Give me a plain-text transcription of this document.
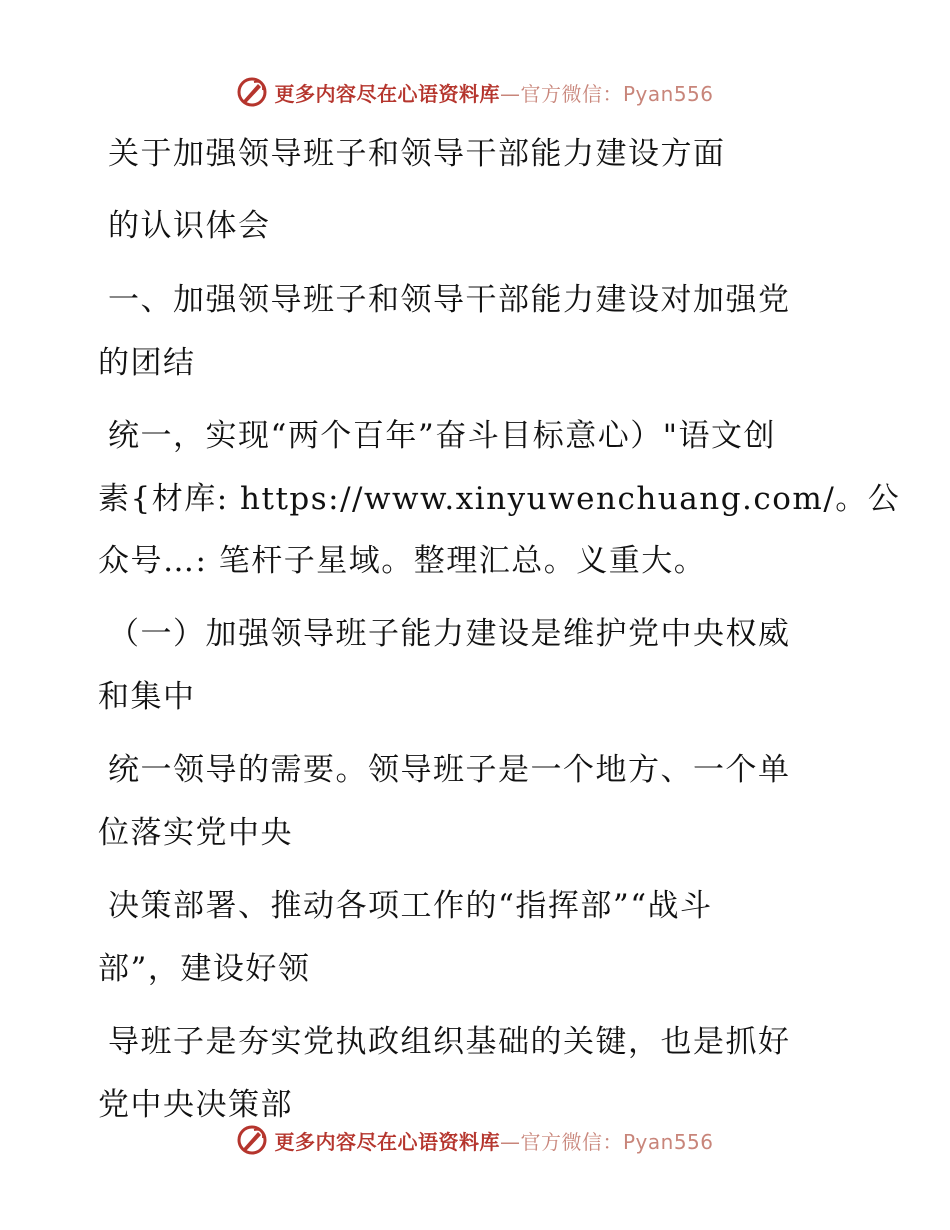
更多内容尽在心语资料库—官方微信：Pyan556

关于加强领导班子和领导干部能力建设方面

的认识体会

一、加强领导班子和领导干部能力建设对加强党

的团结

统一，实现“两个百年”奋斗目标意心）"语文创

素{材库: https://www.xinyuwenchuang.com/。公

众号…: 笔杆子星域。整理汇总。义重大。

（一）加强领导班子能力建设是维护党中央权威

和集中

统一领导的需要。领导班子是一个地方、一个单

位落实党中央

决策部署、推动各项工作的“指挥部”“战斗

部”，建设好领

导班子是夯实党执政组织基础的关键，也是抓好

党中央决策部

更多内容尽在心语资料库—官方微信：Pyan556
